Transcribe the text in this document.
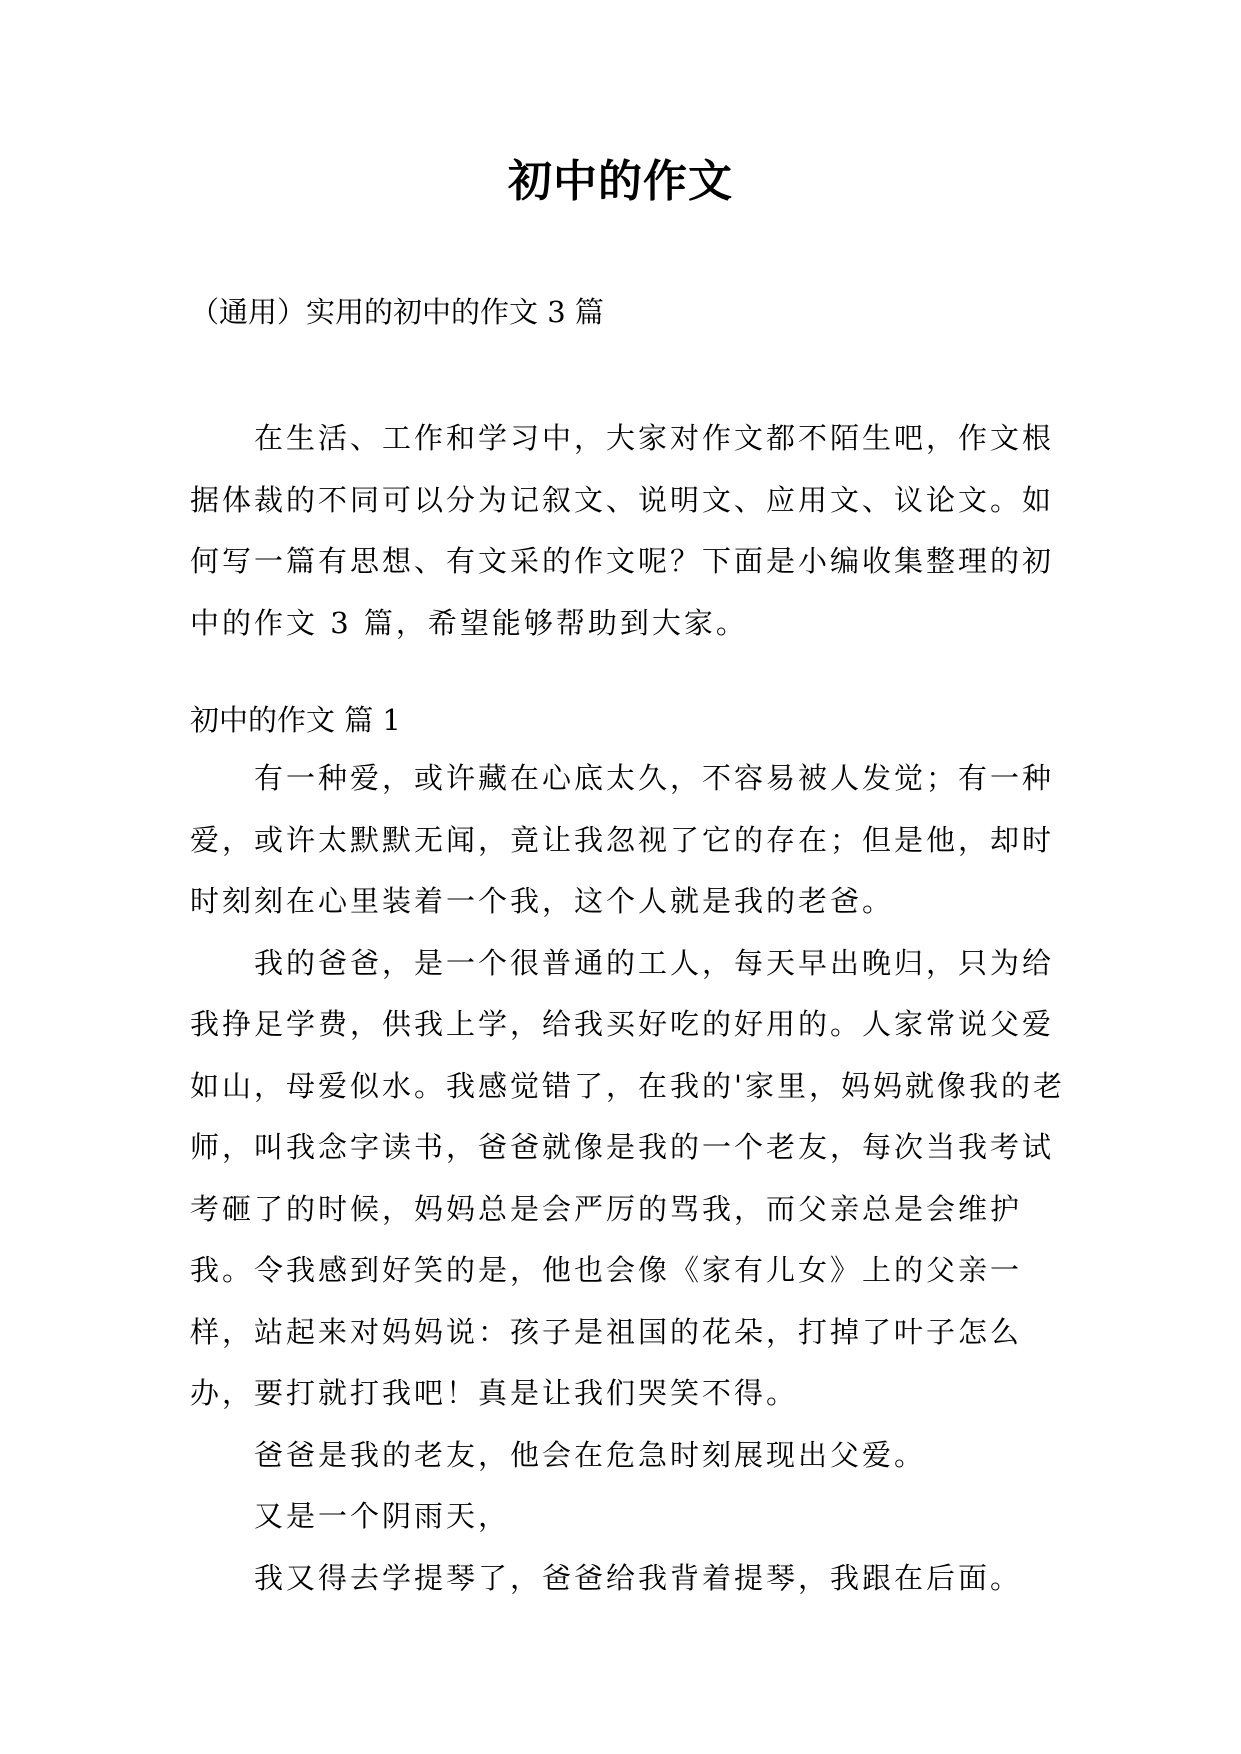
初中的作文
（通用）实用的初中的作文 3 篇

在生活、工作和学习中，大家对作文都不陌生吧，作文根据体裁的不同可以分为记叙文、说明文、应用文、议论文。如何写一篇有思想、有文采的作文呢？下面是小编收集整理的初中的作文 3 篇，希望能够帮助到大家。

初中的作文 篇 1

有一种爱，或许藏在心底太久，不容易被人发觉；有一种爱，或许太默默无闻，竟让我忽视了它的存在；但是他，却时时刻刻在心里装着一个我，这个人就是我的老爸。

我的爸爸，是一个很普通的工人，每天早出晚归，只为给我挣足学费，供我上学，给我买好吃的好用的。人家常说父爱如山，母爱似水。我感觉错了，在我的'家里，妈妈就像我的老师，叫我念字读书，爸爸就像是我的一个老友，每次当我考试考砸了的时候，妈妈总是会严厉的骂我，而父亲总是会维护我。令我感到好笑的是，他也会像《家有儿女》上的父亲一样，站起来对妈妈说：孩子是祖国的花朵，打掉了叶子怎么办，要打就打我吧！真是让我们哭笑不得。

爸爸是我的老友，他会在危急时刻展现出父爱。

又是一个阴雨天，

我又得去学提琴了，爸爸给我背着提琴，我跟在后面。
